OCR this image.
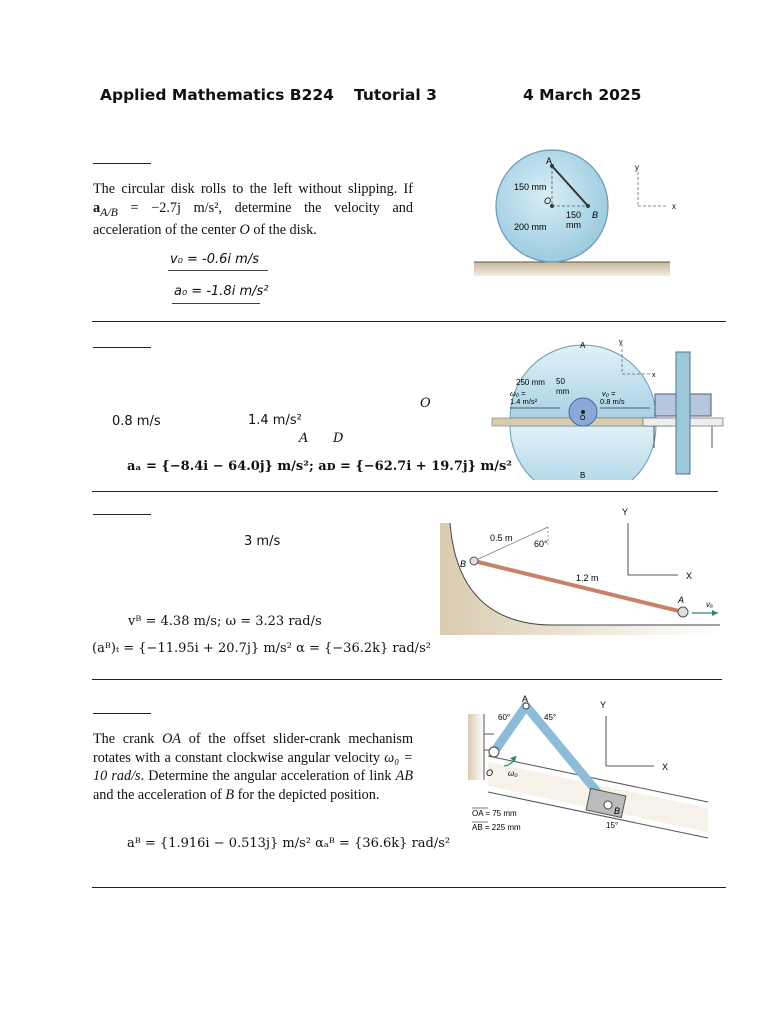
Applied Mathematics B224 Tutorial 3	4 March 2025
The circular disk rolls to the left without slipping. If $a_{A/B} = -2.7j$ m/s², determine the velocity and acceleration of the center O of the disk.
v₀ = -0.6i m/s
a₀ = -1.8i m/s²
A
O
B
150 mm
150
mm
200 mm
y
x
O
0.8 m/s	1.4 m/s²
A D
aₐ = {−8.4i − 64.0j} m/s²; aᴅ = {−62.7i + 19.7j} m/s²
A
B
O
250 mm 50
mm
ω₀ =
1.4 m/s²
v₀ =
0.8 m/s
y
x
3 m/s
vᴮ = 4.38 m/s; ω = 3.23 rad/s
(aᴮ)ₜ = {−11.95i + 20.7j} m/s² α = {−36.2k} rad/s²
0.5 m
60°
1.2 m
B
A	vₐ
Y
X
The crank OA of the offset slider-crank mechanism rotates with a constant clockwise angular velocity ω₀ = 10 rad/s. Determine the angular acceleration of link AB and the acceleration of B for the depicted position.
aᴮ = {1.916i − 0.513j} m/s² αₐᴮ = {36.6k} rad/s²
A
O
B
ω₀
60°	45°
15°
OA = 75 mm
AB = 225 mm
Y
X
